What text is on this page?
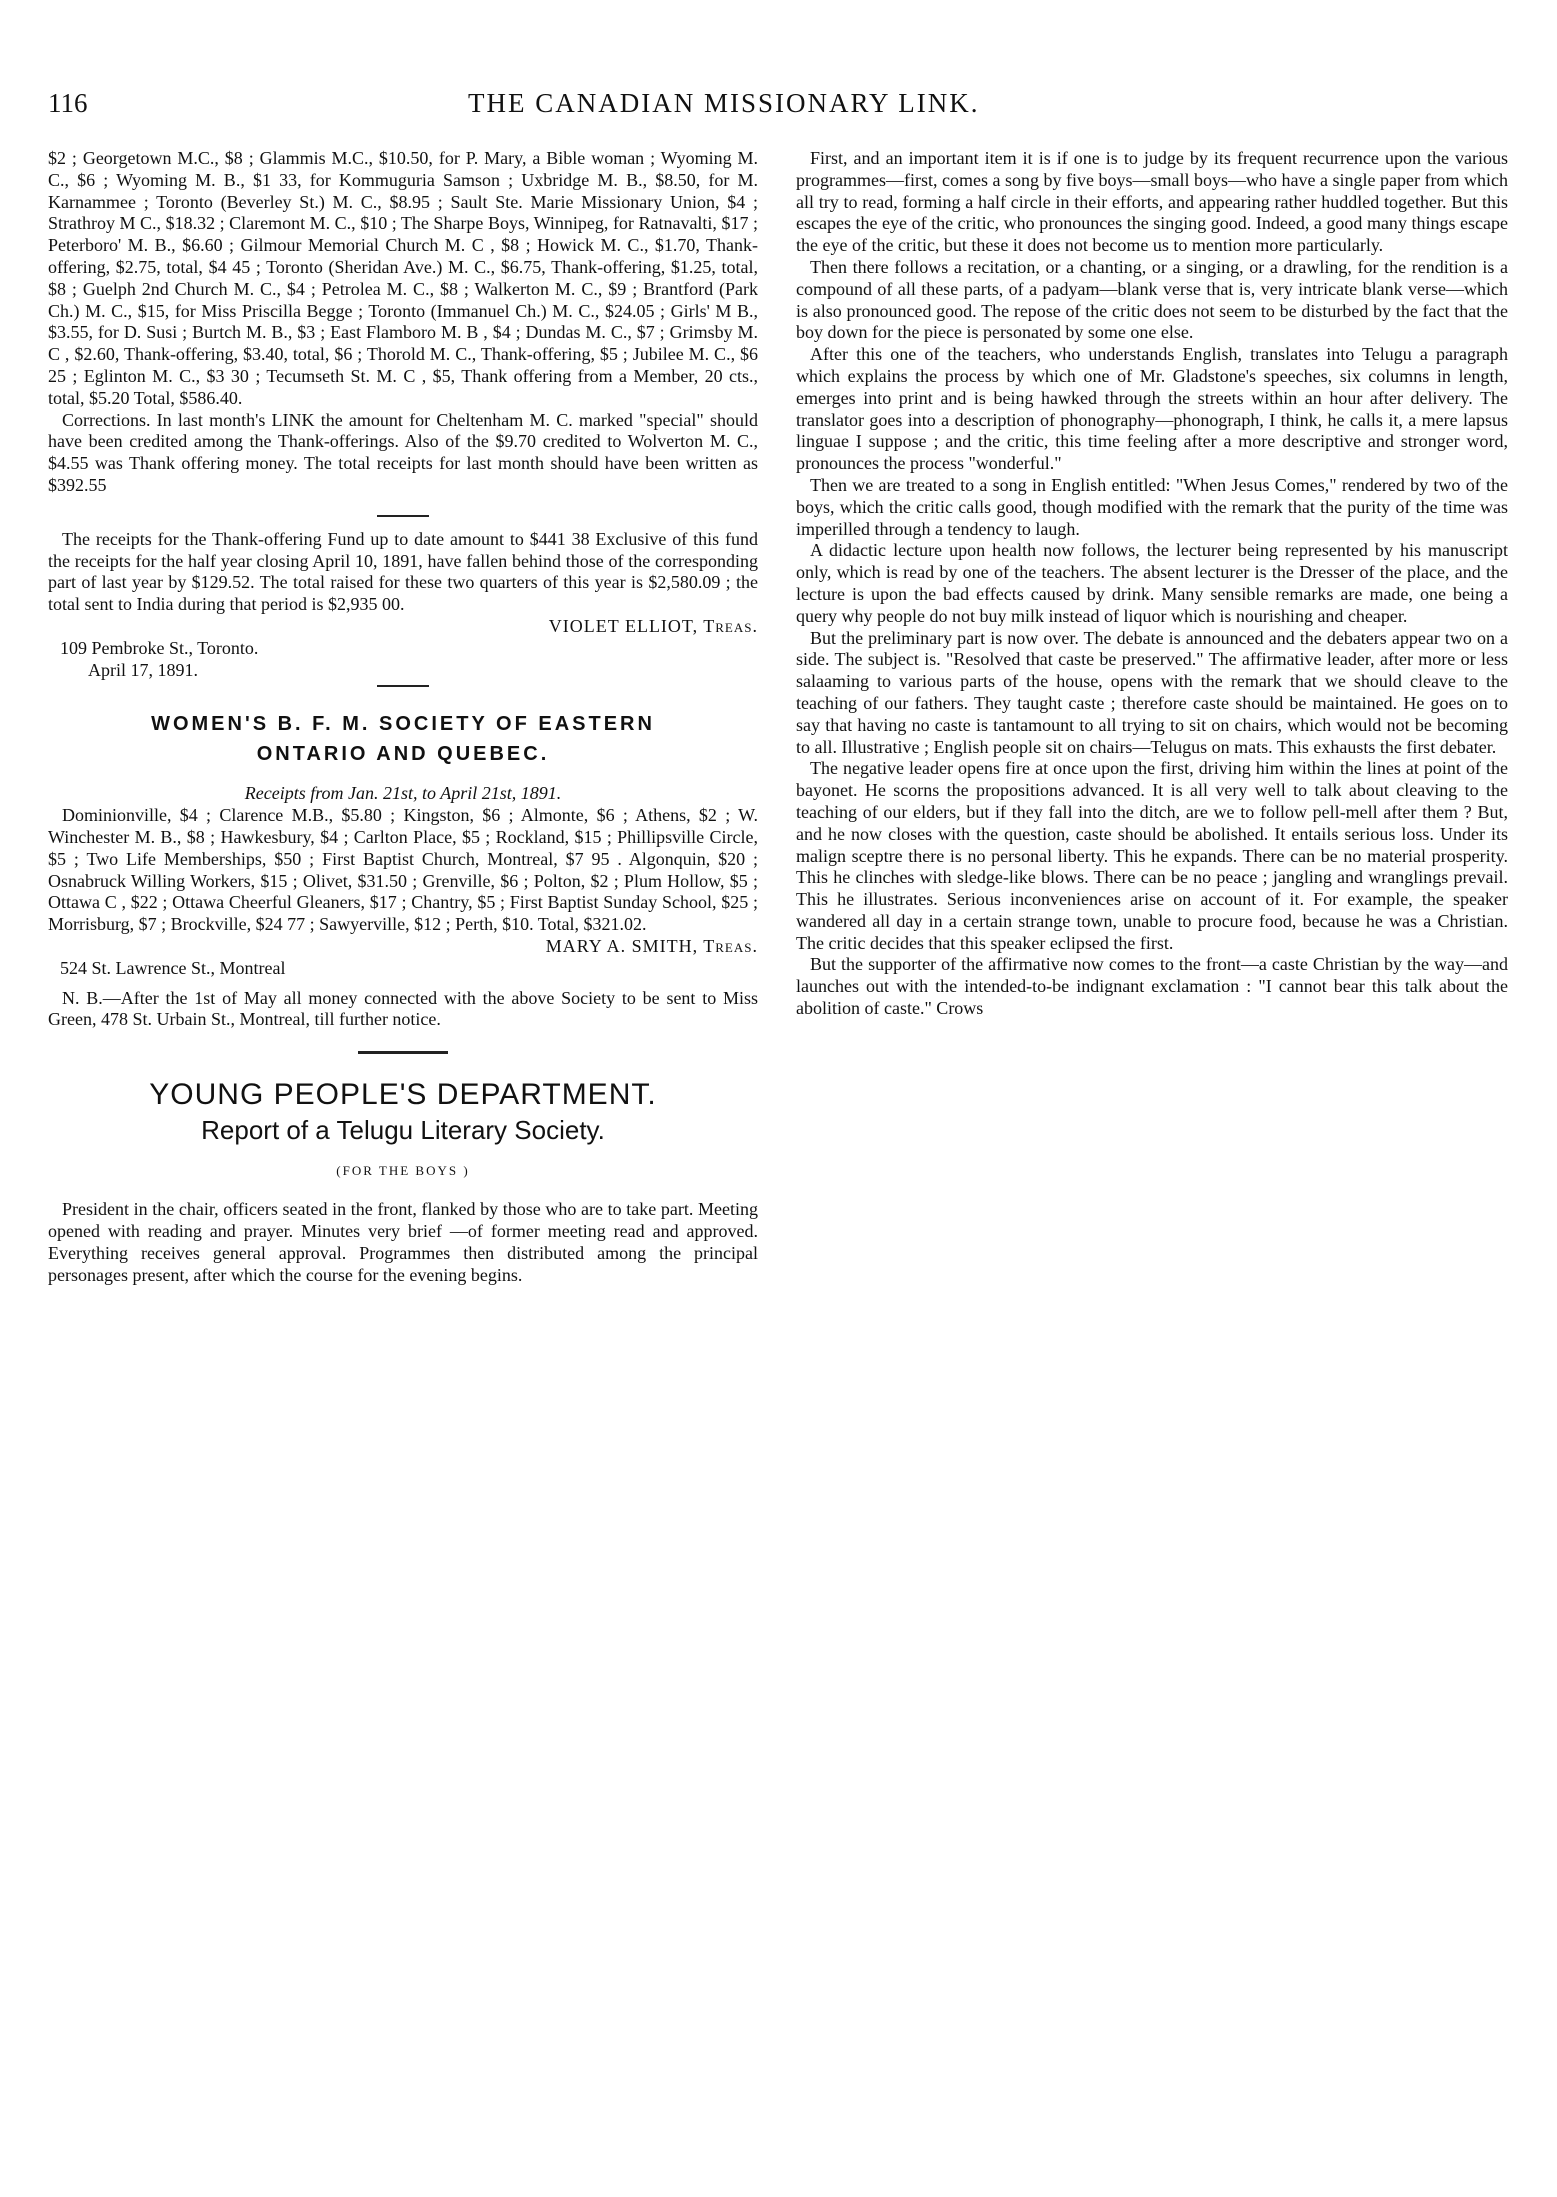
116	THE CANADIAN MISSIONARY LINK.

$2 ; Georgetown M.C., $8 ; Glammis M.C., $10.50, for P. Mary, a Bible woman ; Wyoming M. C., $6 ; Wyoming M. B., $1 33, for Kommuguria Samson ; Uxbridge M. B., $8.50, for M. Karnammee ; Toronto (Beverley St.) M. C., $8.95 ; Sault Ste. Marie Missionary Union, $4 ; Strathroy M C., $18.32 ; Claremont M. C., $10 ; The Sharpe Boys, Winnipeg, for Ratnavalti, $17 ; Peterboro' M. B., $6.60 ; Gilmour Memorial Church M. C , $8 ; Howick M. C., $1.70, Thank-offering, $2.75, total, $4 45 ; Toronto (Sheridan Ave.) M. C., $6.75, Thank-offering, $1.25, total, $8 ; Guelph 2nd Church M. C., $4 ; Petrolea M. C., $8 ; Walkerton M. C., $9 ; Brantford (Park Ch.) M. C., $15, for Miss Priscilla Begge ; Toronto (Immanuel Ch.) M. C., $24.05 ; Girls' M B., $3.55, for D. Susi ; Burtch M. B., $3 ; East Flamboro M. B , $4 ; Dundas M. C., $7 ; Grimsby M. C , $2.60, Thank-offering, $3.40, total, $6 ; Thorold M. C., Thank-offering, $5 ; Jubilee M. C., $6 25 ; Eglinton M. C., $3 30 ; Tecumseth St. M. C , $5, Thank offering from a Member, 20 cts., total, $5.20 Total, $586.40.

Corrections. In last month's LINK the amount for Cheltenham M. C. marked "special" should have been credited among the Thank-offerings. Also of the $9.70 credited to Wolverton M. C., $4.55 was Thank offering money. The total receipts for last month should have been written as $392.55

The receipts for the Thank-offering Fund up to date amount to $441 38 Exclusive of this fund the receipts for the half year closing April 10, 1891, have fallen behind those of the corresponding part of last year by $129.52. The total raised for these two quarters of this year is $2,580.09 ; the total sent to India during that period is $2,935 00.

VIOLET ELLIOT, Treas.

109 Pembroke St., Toronto.

April 17, 1891.

WOMEN'S B. F. M. SOCIETY OF EASTERN
ONTARIO AND QUEBEC.

Receipts from Jan. 21st, to April 21st, 1891.

Dominionville, $4 ; Clarence M.B., $5.80 ; Kingston, $6 ; Almonte, $6 ; Athens, $2 ; W. Winchester M. B., $8 ; Hawkesbury, $4 ; Carlton Place, $5 ; Rockland, $15 ; Phillipsville Circle, $5 ; Two Life Memberships, $50 ; First Baptist Church, Montreal, $7 95 . Algonquin, $20 ; Osnabruck Willing Workers, $15 ; Olivet, $31.50 ; Grenville, $6 ; Polton, $2 ; Plum Hollow, $5 ; Ottawa C , $22 ; Ottawa Cheerful Gleaners, $17 ; Chantry, $5 ; First Baptist Sunday School, $25 ; Morrisburg, $7 ; Brockville, $24 77 ; Sawyerville, $12 ; Perth, $10. Total, $321.02.

MARY A. SMITH, Treas.

524 St. Lawrence St., Montreal

N. B.—After the 1st of May all money connected with the above Society to be sent to Miss Green, 478 St. Urbain St., Montreal, till further notice.

YOUNG PEOPLE'S DEPARTMENT.
Report of a Telugu Literary Society.
(FOR THE BOYS )

President in the chair, officers seated in the front, flanked by those who are to take part. Meeting opened with reading and prayer. Minutes very brief —of former meeting read and approved. Everything receives general approval. Programmes then distributed among the principal personages present, after which the course for the evening begins.

First, and an important item it is if one is to judge by its frequent recurrence upon the various programmes—first, comes a song by five boys—small boys—who have a single paper from which all try to read, forming a half circle in their efforts, and appearing rather huddled together. But this escapes the eye of the critic, who pronounces the singing good. Indeed, a good many things escape the eye of the critic, but these it does not become us to mention more particularly.

Then there follows a recitation, or a chanting, or a singing, or a drawling, for the rendition is a compound of all these parts, of a padyam—blank verse that is, very intricate blank verse—which is also pronounced good. The repose of the critic does not seem to be disturbed by the fact that the boy down for the piece is personated by some one else.

After this one of the teachers, who understands English, translates into Telugu a paragraph which explains the process by which one of Mr. Gladstone's speeches, six columns in length, emerges into print and is being hawked through the streets within an hour after delivery. The translator goes into a description of phonography—phonograph, I think, he calls it, a mere lapsus linguae I suppose ; and the critic, this time feeling after a more descriptive and stronger word, pronounces the process "wonderful."

Then we are treated to a song in English entitled: "When Jesus Comes," rendered by two of the boys, which the critic calls good, though modified with the remark that the purity of the time was imperilled through a tendency to laugh.

A didactic lecture upon health now follows, the lecturer being represented by his manuscript only, which is read by one of the teachers. The absent lecturer is the Dresser of the place, and the lecture is upon the bad effects caused by drink. Many sensible remarks are made, one being a query why people do not buy milk instead of liquor which is nourishing and cheaper.

But the preliminary part is now over. The debate is announced and the debaters appear two on a side. The subject is. "Resolved that caste be preserved." The affirmative leader, after more or less salaaming to various parts of the house, opens with the remark that we should cleave to the teaching of our fathers. They taught caste ; therefore caste should be maintained. He goes on to say that having no caste is tantamount to all trying to sit on chairs, which would not be becoming to all. Illustrative ; English people sit on chairs—Telugus on mats. This exhausts the first debater.

The negative leader opens fire at once upon the first, driving him within the lines at point of the bayonet. He scorns the propositions advanced. It is all very well to talk about cleaving to the teaching of our elders, but if they fall into the ditch, are we to follow pell-mell after them ? But, and he now closes with the question, caste should be abolished. It entails serious loss. Under its malign sceptre there is no personal liberty. This he expands. There can be no material prosperity. This he clinches with sledge-like blows. There can be no peace ; jangling and wranglings prevail. This he illustrates. Serious inconveniences arise on account of it. For example, the speaker wandered all day in a certain strange town, unable to procure food, because he was a Christian. The critic decides that this speaker eclipsed the first.

But the supporter of the affirmative now comes to the front—a caste Christian by the way—and launches out with the intended-to-be indignant exclamation : "I cannot bear this talk about the abolition of caste." Crows
